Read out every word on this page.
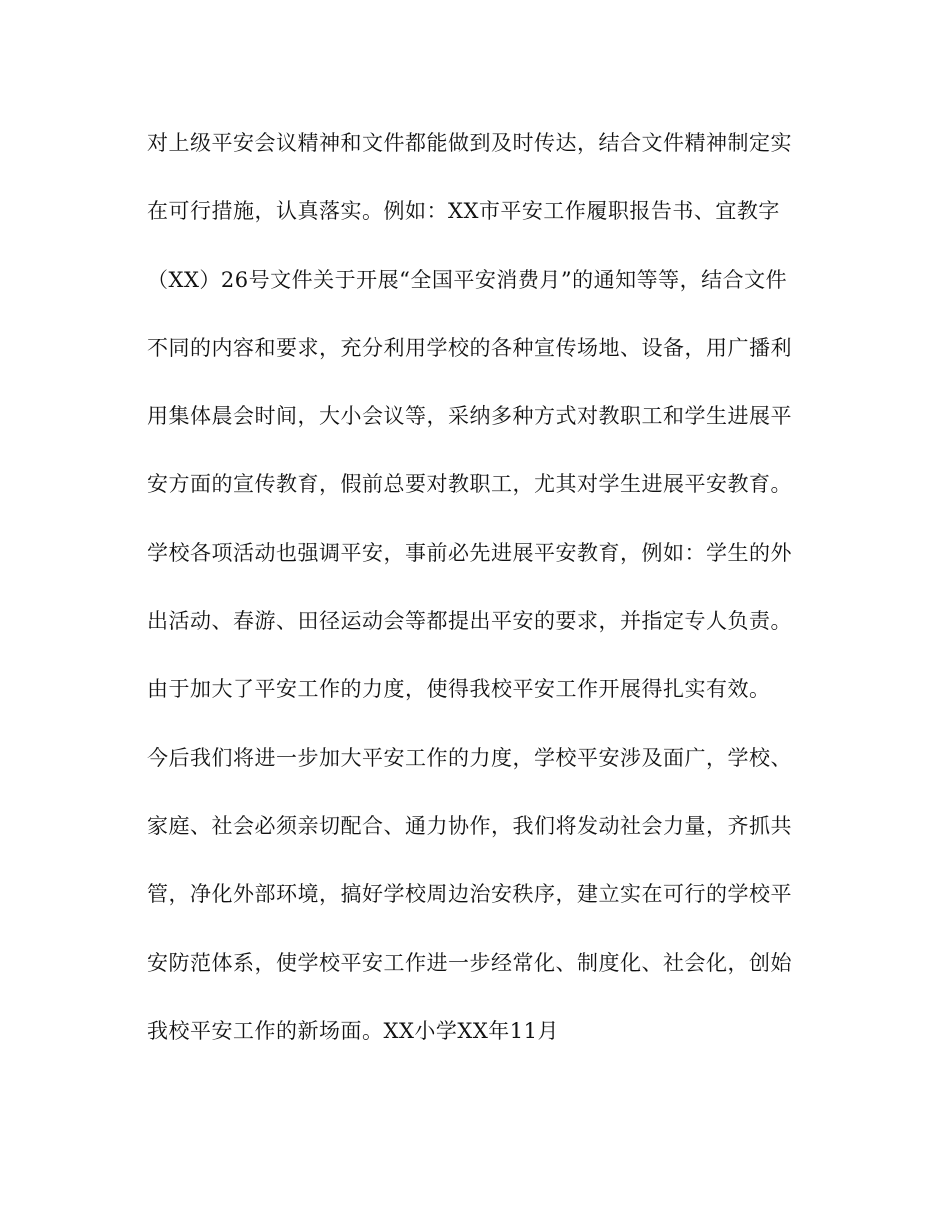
对上级平安会议精神和文件都能做到及时传达，结合文件精神制定实
在可行措施，认真落实。例如：XX市平安工作履职报告书、宜教字
（XX）26号文件关于开展“全国平安消费月”的通知等等，结合文件
不同的内容和要求，充分利用学校的各种宣传场地、设备，用广播利
用集体晨会时间，大小会议等，采纳多种方式对教职工和学生进展平
安方面的宣传教育，假前总要对教职工，尤其对学生进展平安教育。
学校各项活动也强调平安，事前必先进展平安教育，例如：学生的外
出活动、春游、田径运动会等都提出平安的要求，并指定专人负责。
由于加大了平安工作的力度，使得我校平安工作开展得扎实有效。
今后我们将进一步加大平安工作的力度，学校平安涉及面广，学校、
家庭、社会必须亲切配合、通力协作，我们将发动社会力量，齐抓共
管，净化外部环境，搞好学校周边治安秩序，建立实在可行的学校平
安防范体系，使学校平安工作进一步经常化、制度化、社会化，创始
我校平安工作的新场面。XX小学XX年11月
